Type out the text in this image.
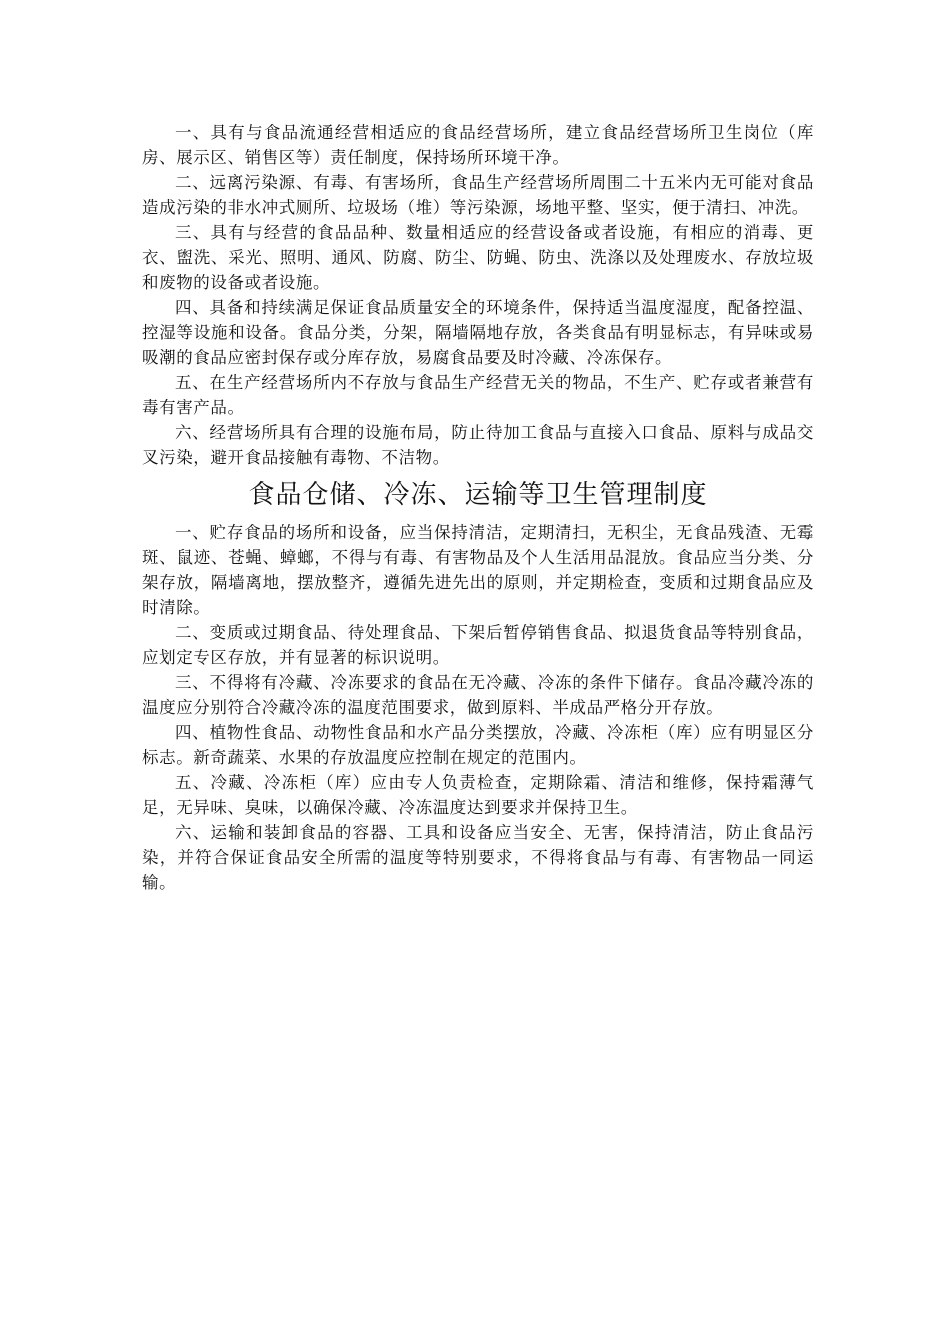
一、具有与食品流通经营相适应的食品经营场所，建立食品经营场所卫生岗位（库房、展示区、销售区等）责任制度，保持场所环境干净。

二、远离污染源、有毒、有害场所，食品生产经营场所周围二十五米内无可能对食品造成污染的非水冲式厕所、垃圾场（堆）等污染源，场地平整、坚实，便于清扫、冲洗。

三、具有与经营的食品品种、数量相适应的经营设备或者设施，有相应的消毒、更衣、盥洗、采光、照明、通风、防腐、防尘、防蝇、防虫、洗涤以及处理废水、存放垃圾和废物的设备或者设施。

四、具备和持续满足保证食品质量安全的环境条件，保持适当温度湿度，配备控温、控湿等设施和设备。食品分类，分架，隔墙隔地存放，各类食品有明显标志，有异味或易吸潮的食品应密封保存或分库存放，易腐食品要及时冷藏、冷冻保存。

五、在生产经营场所内不存放与食品生产经营无关的物品，不生产、贮存或者兼营有毒有害产品。

六、经营场所具有合理的设施布局，防止待加工食品与直接入口食品、原料与成品交叉污染，避开食品接触有毒物、不洁物。

食品仓储、冷冻、运输等卫生管理制度

一、贮存食品的场所和设备，应当保持清洁，定期清扫，无积尘，无食品残渣、无霉斑、鼠迹、苍蝇、蟑螂，不得与有毒、有害物品及个人生活用品混放。食品应当分类、分架存放，隔墙离地，摆放整齐，遵循先进先出的原则，并定期检查，变质和过期食品应及时清除。

二、变质或过期食品、待处理食品、下架后暂停销售食品、拟退货食品等特别食品，应划定专区存放，并有显著的标识说明。

三、不得将有冷藏、冷冻要求的食品在无冷藏、冷冻的条件下储存。食品冷藏冷冻的温度应分别符合冷藏冷冻的温度范围要求，做到原料、半成品严格分开存放。

四、植物性食品、动物性食品和水产品分类摆放，冷藏、冷冻柜（库）应有明显区分标志。新奇蔬菜、水果的存放温度应控制在规定的范围内。

五、冷藏、冷冻柜（库）应由专人负责检查，定期除霜、清洁和维修，保持霜薄气足，无异味、臭味，以确保冷藏、冷冻温度达到要求并保持卫生。

六、运输和装卸食品的容器、工具和设备应当安全、无害，保持清洁，防止食品污染，并符合保证食品安全所需的温度等特别要求，不得将食品与有毒、有害物品一同运输。
